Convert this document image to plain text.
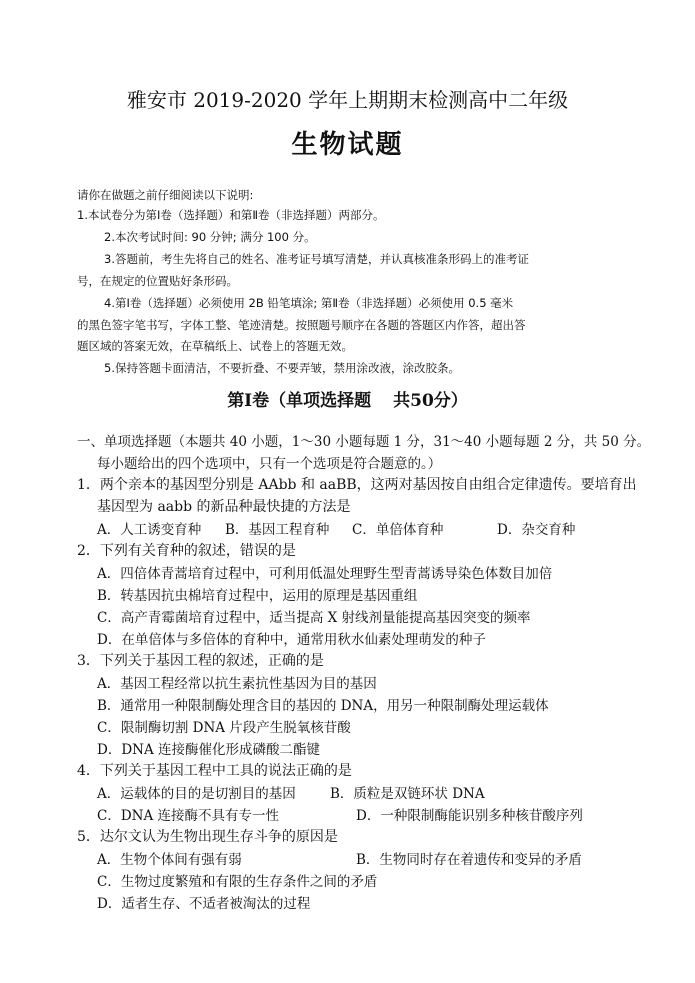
雅安市 2019-2020 学年上期期末检测高中二年级
生物试题
请你在做题之前仔细阅读以下说明:
1.本试卷分为第Ⅰ卷（选择题）和第Ⅱ卷（非选择题）两部分。
2.本次考试时间: 90 分钟; 满分 100 分。
3.答题前，考生先将自己的姓名、准考证号填写清楚，并认真核准条形码上的准考证
号，在规定的位置贴好条形码。
4.第Ⅰ卷（选择题）必须使用 2B 铅笔填涂; 第Ⅱ卷（非选择题）必须使用 0.5 毫米
的黑色签字笔书写，字体工整、笔迹清楚。按照题号顺序在各题的答题区内作答，超出答
题区域的答案无效，在草稿纸上、试卷上的答题无效。
5.保持答题卡面清洁，不要折叠、不要弄皱，禁用涂改液，涂改胶条。
第Ⅰ卷（单项选择题 共50分）
一、单项选择题（本题共 40 小题，1～30 小题每题 1 分，31～40 小题每题 2 分，共 50 分。
每小题给出的四个选项中，只有一个选项是符合题意的。）
1．两个亲本的基因型分别是 AAbb 和 aaBB，这两对基因按自由组合定律遗传。要培育出
基因型为 aabb 的新品种最快捷的方法是
A．人工诱变育种 B．基因工程育种 C．单倍体育种	D．杂交育种
2．下列有关育种的叙述，错误的是
A．四倍体青蒿培育过程中，可利用低温处理野生型青蒿诱导染色体数目加倍
B．转基因抗虫棉培育过程中，运用的原理是基因重组
C．高产青霉菌培育过程中，适当提高 X 射线剂量能提高基因突变的频率
D．在单倍体与多倍体的育种中，通常用秋水仙素处理萌发的种子
3．下列关于基因工程的叙述，正确的是
A．基因工程经常以抗生素抗性基因为目的基因
B．通常用一种限制酶处理含目的基因的 DNA，用另一种限制酶处理运载体
C．限制酶切割 DNA 片段产生脱氧核苷酸
D．DNA 连接酶催化形成磷酸二酯键
4．下列关于基因工程中工具的说法正确的是
A．运载体的目的是切割目的基因	B．质粒是双链环状 DNA
C．DNA 连接酶不具有专一性	D．一种限制酶能识别多种核苷酸序列
5．达尔文认为生物出现生存斗争的原因是
A．生物个体间有强有弱	B．生物同时存在着遗传和变异的矛盾
C．生物过度繁殖和有限的生存条件之间的矛盾
D．适者生存、不适者被淘汰的过程
